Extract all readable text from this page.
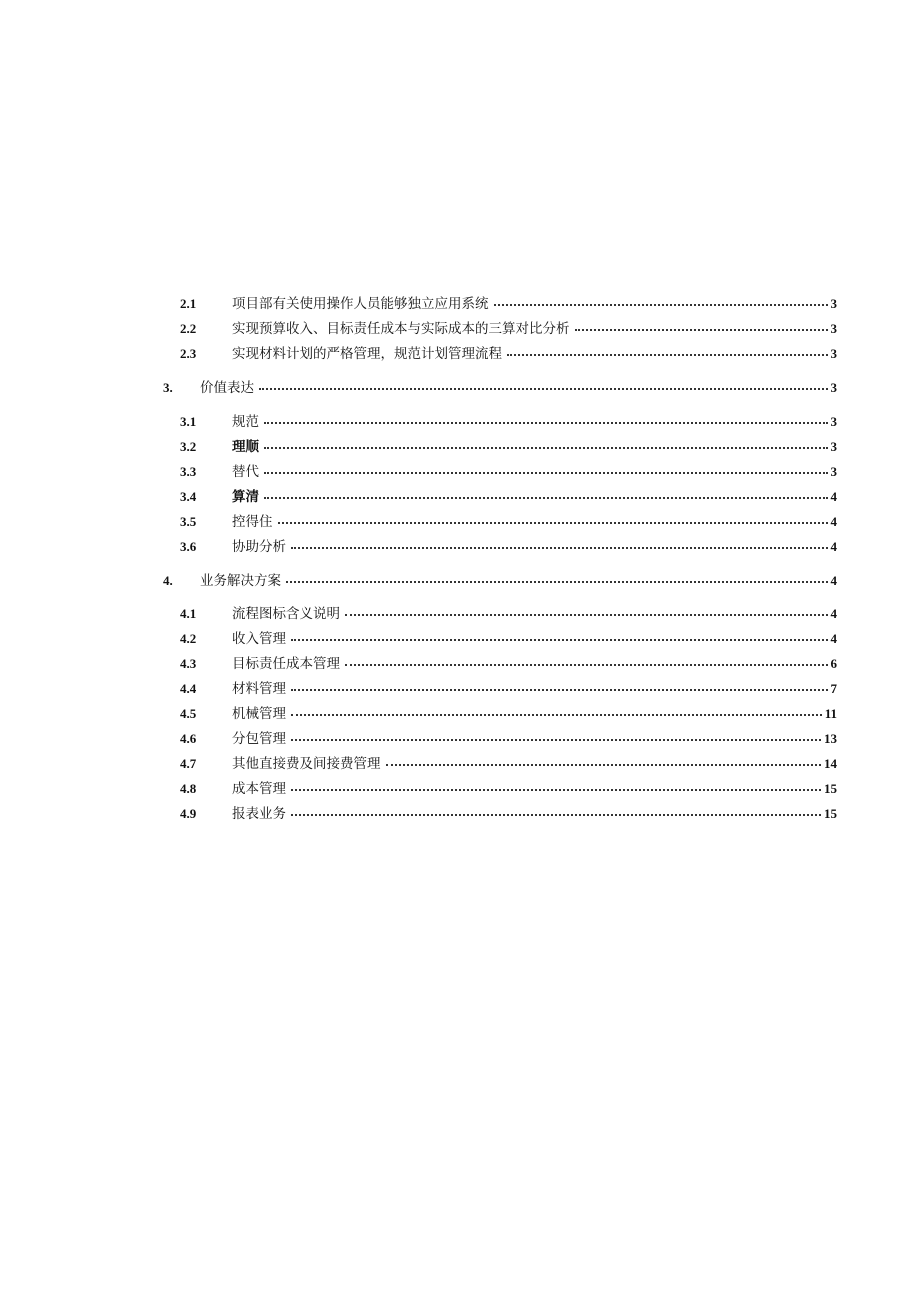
2.1	项目部有关使用操作人员能够独立应用系统	3
2.2	实现预算收入、目标责任成本与实际成本的三算对比分析	3
2.3	实现材料计划的严格管理，规范计划管理流程	3
3.	价值表达	3
3.1	规范	3
3.2	理顺	3
3.3	替代	3
3.4	算清	4
3.5	控得住	4
3.6	协助分析	4
4.	业务解决方案	4
4.1	流程图标含义说明	4
4.2	收入管理	4
4.3	目标责任成本管理	6
4.4	材料管理	7
4.5	机械管理	11
4.6	分包管理	13
4.7	其他直接费及间接费管理	14
4.8	成本管理	15
4.9	报表业务	15
